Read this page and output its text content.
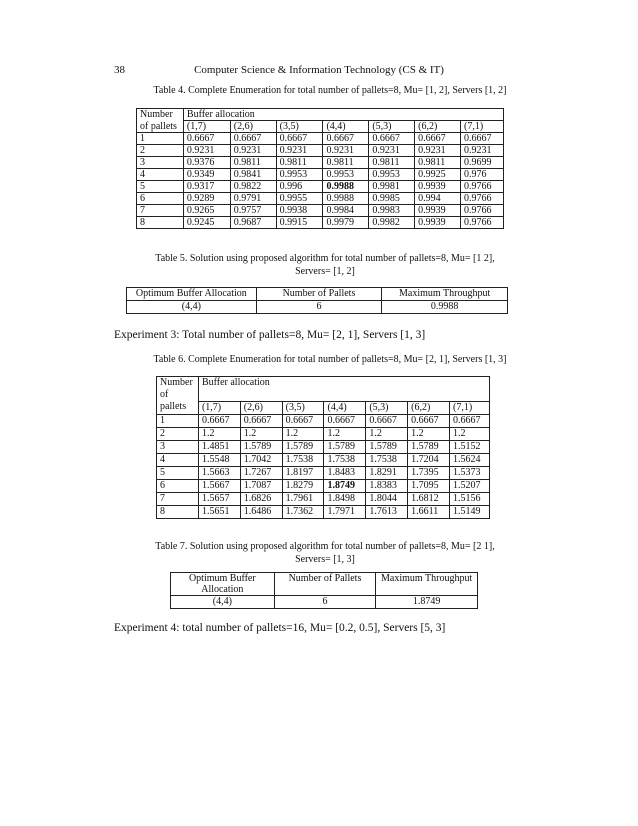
38	Computer Science & Information Technology (CS & IT)
Table 4. Complete Enumeration for total number of pallets=8, Mu= [1, 2], Servers [1, 2]
Number	Buffer allocation						
of pallets	(1,7)	(2,6)	(3,5)	(4,4)	(5,3)	(6,2)	(7,1)
1	0.6667	0.6667	0.6667	0.6667	0.6667	0.6667	0.6667
2	0.9231	0.9231	0.9231	0.9231	0.9231	0.9231	0.9231
3	0.9376	0.9811	0.9811	0.9811	0.9811	0.9811	0.9699
4	0.9349	0.9841	0.9953	0.9953	0.9953	0.9925	0.976
5	0.9317	0.9822	0.996	0.9988	0.9981	0.9939	0.9766
6	0.9289	0.9791	0.9955	0.9988	0.9985	0.994	0.9766
7	0.9265	0.9757	0.9938	0.9984	0.9983	0.9939	0.9766
8	0.9245	0.9687	0.9915	0.9979	0.9982	0.9939	0.9766
Table 5. Solution using proposed algorithm for total number of pallets=8, Mu= [1 2],
Servers= [1, 2]
Optimum Buffer Allocation	Number of Pallets	Maximum Throughput
(4,4)	6	0.9988
Experiment 3: Total number of pallets=8, Mu= [2, 1], Servers [1, 3]
Table 6. Complete Enumeration for total number of pallets=8, Mu= [2, 1], Servers [1, 3]
Number
of	Buffer allocation						
pallets	(1,7)	(2,6)	(3,5)	(4,4)	(5,3)	(6,2)	(7,1)
1	0.6667	0.6667	0.6667	0.6667	0.6667	0.6667	0.6667
2	1.2	1.2	1.2	1.2	1.2	1.2	1.2
3	1.4851	1.5789	1.5789	1.5789	1.5789	1.5789	1.5152
4	1.5548	1.7042	1.7538	1.7538	1.7538	1.7204	1.5624
5	1.5663	1.7267	1.8197	1.8483	1.8291	1.7395	1.5373
6	1.5667	1.7087	1.8279	1.8749	1.8383	1.7095	1.5207
7	1.5657	1.6826	1.7961	1.8498	1.8044	1.6812	1.5156
8	1.5651	1.6486	1.7362	1.7971	1.7613	1.6611	1.5149
Table 7. Solution using proposed algorithm for total number of pallets=8, Mu= [2 1],
Servers= [1, 3]
Optimum Buffer
Allocation	Number of Pallets	Maximum Throughput
(4,4)	6	1.8749
Experiment 4: total number of pallets=16, Mu= [0.2, 0.5], Servers [5, 3]
